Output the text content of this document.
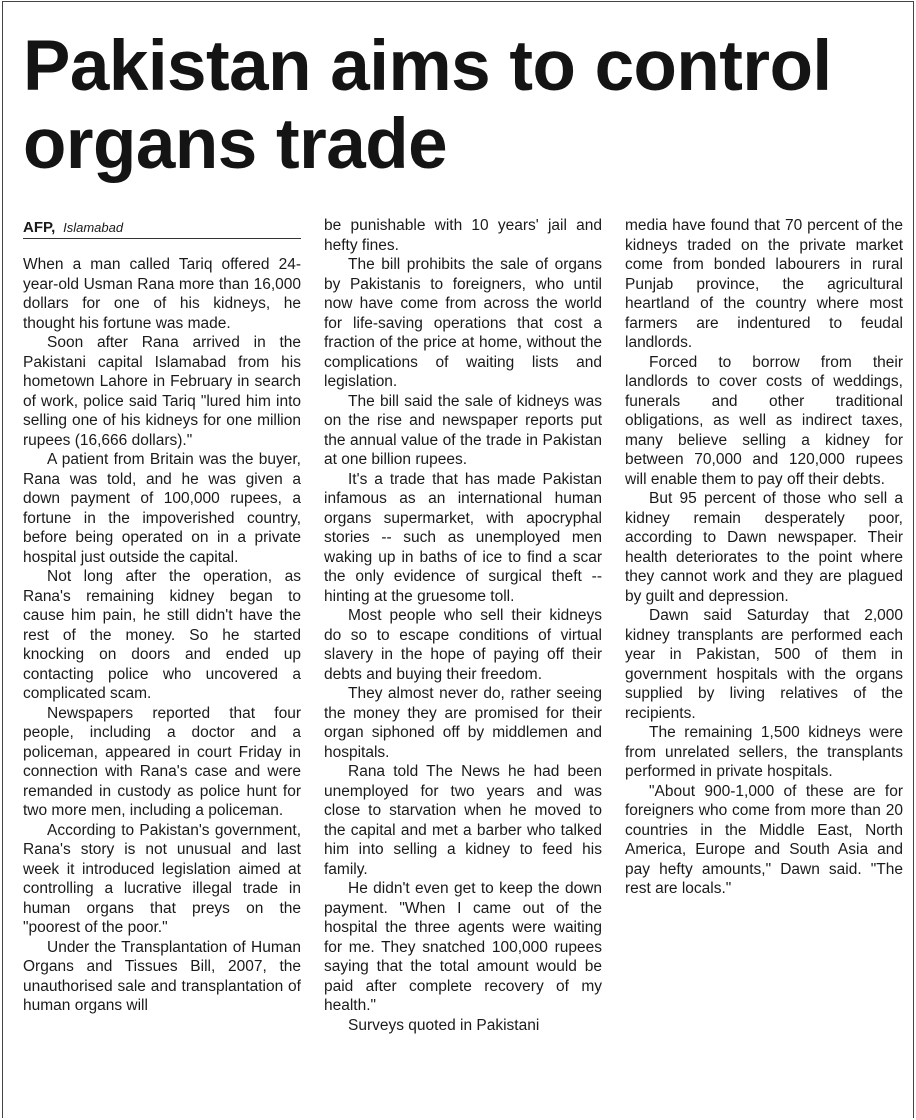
Pakistan aims to control organs trade
AFP, Islamabad

When a man called Tariq offered 24-year-old Usman Rana more than 16,000 dollars for one of his kidneys, he thought his fortune was made.

Soon after Rana arrived in the Pakistani capital Islamabad from his hometown Lahore in February in search of work, police said Tariq "lured him into selling one of his kidneys for one million rupees (16,666 dollars)."

A patient from Britain was the buyer, Rana was told, and he was given a down payment of 100,000 rupees, a fortune in the impoverished country, before being operated on in a private hospital just outside the capital.

Not long after the operation, as Rana's remaining kidney began to cause him pain, he still didn't have the rest of the money. So he started knocking on doors and ended up contacting police who uncovered a complicated scam.

Newspapers reported that four people, including a doctor and a policeman, appeared in court Friday in connection with Rana's case and were remanded in custody as police hunt for two more men, including a policeman.

According to Pakistan's government, Rana's story is not unusual and last week it introduced legislation aimed at controlling a lucrative illegal trade in human organs that preys on the "poorest of the poor."

Under the Transplantation of Human Organs and Tissues Bill, 2007, the unauthorised sale and transplantation of human organs will

be punishable with 10 years' jail and hefty fines.

The bill prohibits the sale of organs by Pakistanis to foreigners, who until now have come from across the world for life-saving operations that cost a fraction of the price at home, without the complications of waiting lists and legislation.

The bill said the sale of kidneys was on the rise and newspaper reports put the annual value of the trade in Pakistan at one billion rupees.

It's a trade that has made Pakistan infamous as an international human organs supermarket, with apocryphal stories -- such as unemployed men waking up in baths of ice to find a scar the only evidence of surgical theft -- hinting at the gruesome toll.

Most people who sell their kidneys do so to escape conditions of virtual slavery in the hope of paying off their debts and buying their freedom.

They almost never do, rather seeing the money they are promised for their organ siphoned off by middlemen and hospitals.

Rana told The News he had been unemployed for two years and was close to starvation when he moved to the capital and met a barber who talked him into selling a kidney to feed his family.

He didn't even get to keep the down payment. "When I came out of the hospital the three agents were waiting for me. They snatched 100,000 rupees saying that the total amount would be paid after complete recovery of my health."

Surveys quoted in Pakistani

media have found that 70 percent of the kidneys traded on the private market come from bonded labourers in rural Punjab province, the agricultural heartland of the country where most farmers are indentured to feudal landlords.

Forced to borrow from their landlords to cover costs of weddings, funerals and other traditional obligations, as well as indirect taxes, many believe selling a kidney for between 70,000 and 120,000 rupees will enable them to pay off their debts.

But 95 percent of those who sell a kidney remain desperately poor, according to Dawn newspaper. Their health deteriorates to the point where they cannot work and they are plagued by guilt and depression.

Dawn said Saturday that 2,000 kidney transplants are performed each year in Pakistan, 500 of them in government hospitals with the organs supplied by living relatives of the recipients.

The remaining 1,500 kidneys were from unrelated sellers, the transplants performed in private hospitals.

"About 900-1,000 of these are for foreigners who come from more than 20 countries in the Middle East, North America, Europe and South Asia and pay hefty amounts," Dawn said. "The rest are locals."
